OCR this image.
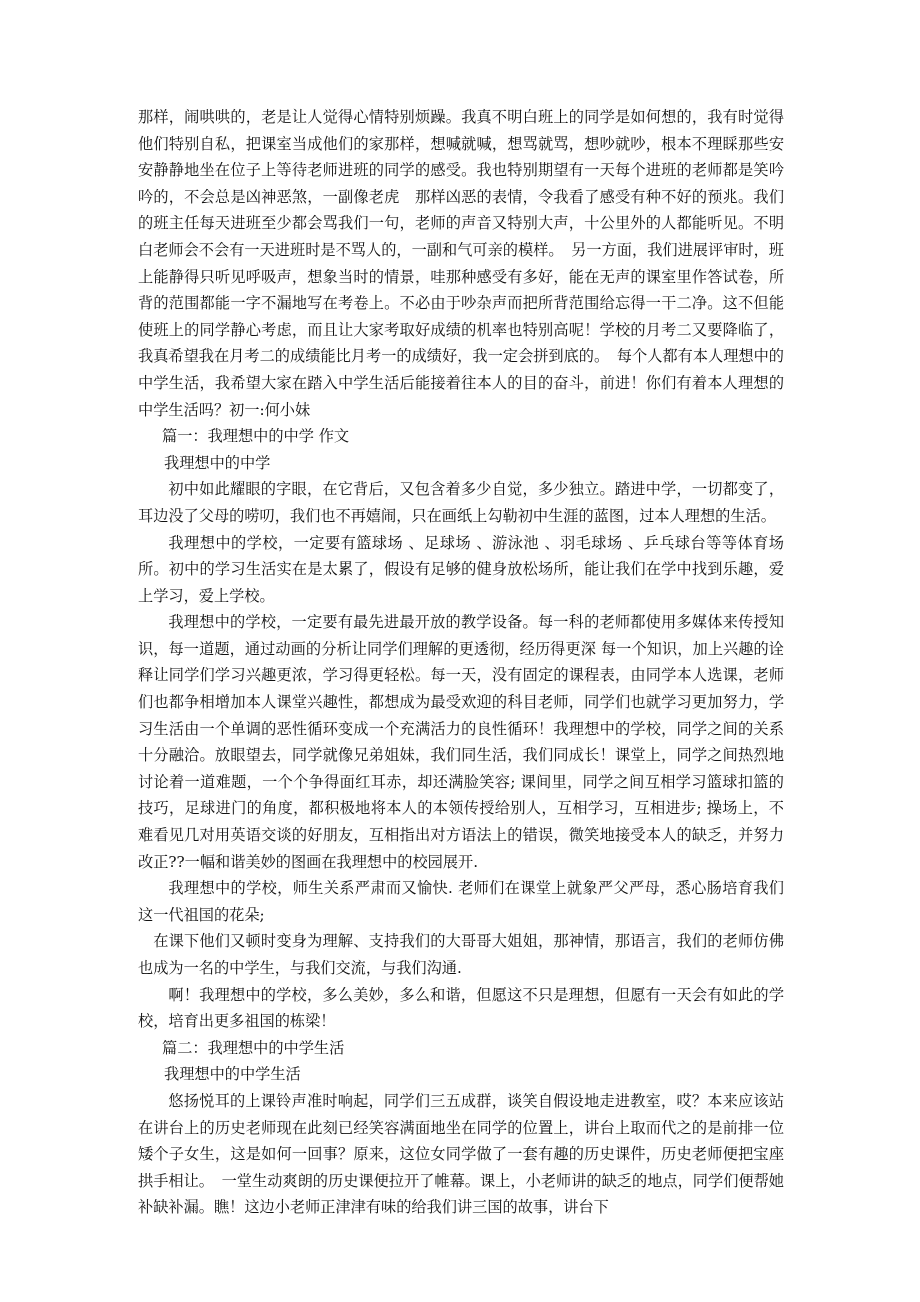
那样，闹哄哄的，老是让人觉得心情特别烦躁。我真不明白班上的同学是如何想的，我有时觉得他们特别自私，把课室当成他们的家那样，想喊就喊，想骂就骂，想吵就吵，根本不理睬那些安安静静地坐在位子上等待老师进班的同学的感受。我也特别期望有一天每个进班的老师都是笑吟吟的，不会总是凶神恶煞，一副像老虎　那样凶恶的表情，令我看了感受有种不好的预兆。我们的班主任每天进班至少都会骂我们一句，老师的声音又特别大声，十公里外的人都能听见。不明白老师会不会有一天进班时是不骂人的，一副和气可亲的模样。　另一方面，我们进展评审时，班上能静得只听见呼吸声，想象当时的情景，哇那种感受有多好，能在无声的课室里作答试卷，所背的范围都能一字不漏地写在考卷上。不必由于吵杂声而把所背范围给忘得一干二净。这不但能使班上的同学静心考虑，而且让大家考取好成绩的机率也特别高呢！学校的月考二又要降临了，我真希望我在月考二的成绩能比月考一的成绩好，我一定会拼到底的。　每个人都有本人理想中的中学生活，我希望大家在踏入中学生活后能接着往本人的目的奋斗，前进！你们有着本人理想的中学生活吗？初一:何小妹

篇一：我理想中的中学 作文

我理想中的中学

初中如此耀眼的字眼，在它背后，又包含着多少自觉，多少独立。踏进中学，一切都变了，耳边没了父母的唠叨，我们也不再嬉闹，只在画纸上勾勒初中生涯的蓝图，过本人理想的生活。

我理想中的学校，一定要有篮球场 、足球场 、游泳池 、羽毛球场 、乒乓球台等等体育场所。初中的学习生活实在是太累了，假设有足够的健身放松场所，能让我们在学中找到乐趣，爱上学习，爱上学校。

我理想中的学校，一定要有最先进最开放的教学设备。每一科的老师都使用多媒体来传授知识，每一道题，通过动画的分析让同学们理解的更透彻，经历得更深 每一个知识，加上兴趣的诠释让同学们学习兴趣更浓，学习得更轻松。每一天，没有固定的课程表，由同学本人选课，老师们也都争相增加本人课堂兴趣性，都想成为最受欢迎的科目老师，同学们也就学习更加努力，学习生活由一个单调的恶性循环变成一个充满活力的良性循环！我理想中的学校，同学之间的关系十分融洽。放眼望去，同学就像兄弟姐妹，我们同生活，我们同成长！课堂上，同学之间热烈地讨论着一道难题，一个个争得面红耳赤，却还满脸笑容; 课间里，同学之间互相学习篮球扣篮的技巧，足球进门的角度，都积极地将本人的本领传授给别人，互相学习，互相进步; 操场上，不难看见几对用英语交谈的好朋友，互相指出对方语法上的错误，微笑地接受本人的缺乏，并努力改正??一幅和谐美妙的图画在我理想中的校园展开.

我理想中的学校，师生关系严肃而又愉快. 老师们在课堂上就象严父严母，悉心肠培育我们这一代祖国的花朵;

在课下他们又顿时变身为理解、支持我们的大哥哥大姐姐，那神情，那语言，我们的老师仿佛也成为一名的中学生，与我们交流，与我们沟通.

啊！我理想中的学校，多么美妙，多么和谐，但愿这不只是理想，但愿有一天会有如此的学校，培育出更多祖国的栋梁！

篇二：我理想中的中学生活

我理想中的中学生活

悠扬悦耳的上课铃声准时响起，同学们三五成群，谈笑自假设地走进教室，哎？本来应该站在讲台上的历史老师现在此刻已经笑容满面地坐在同学的位置上，讲台上取而代之的是前排一位矮个子女生，这是如何一回事？原来，这位女同学做了一套有趣的历史课件，历史老师便把宝座拱手相让。　一堂生动爽朗的历史课便拉开了帷幕。课上，小老师讲的缺乏的地点，同学们便帮她补缺补漏。瞧！这边小老师正津津有味的给我们讲三国的故事，讲台下
